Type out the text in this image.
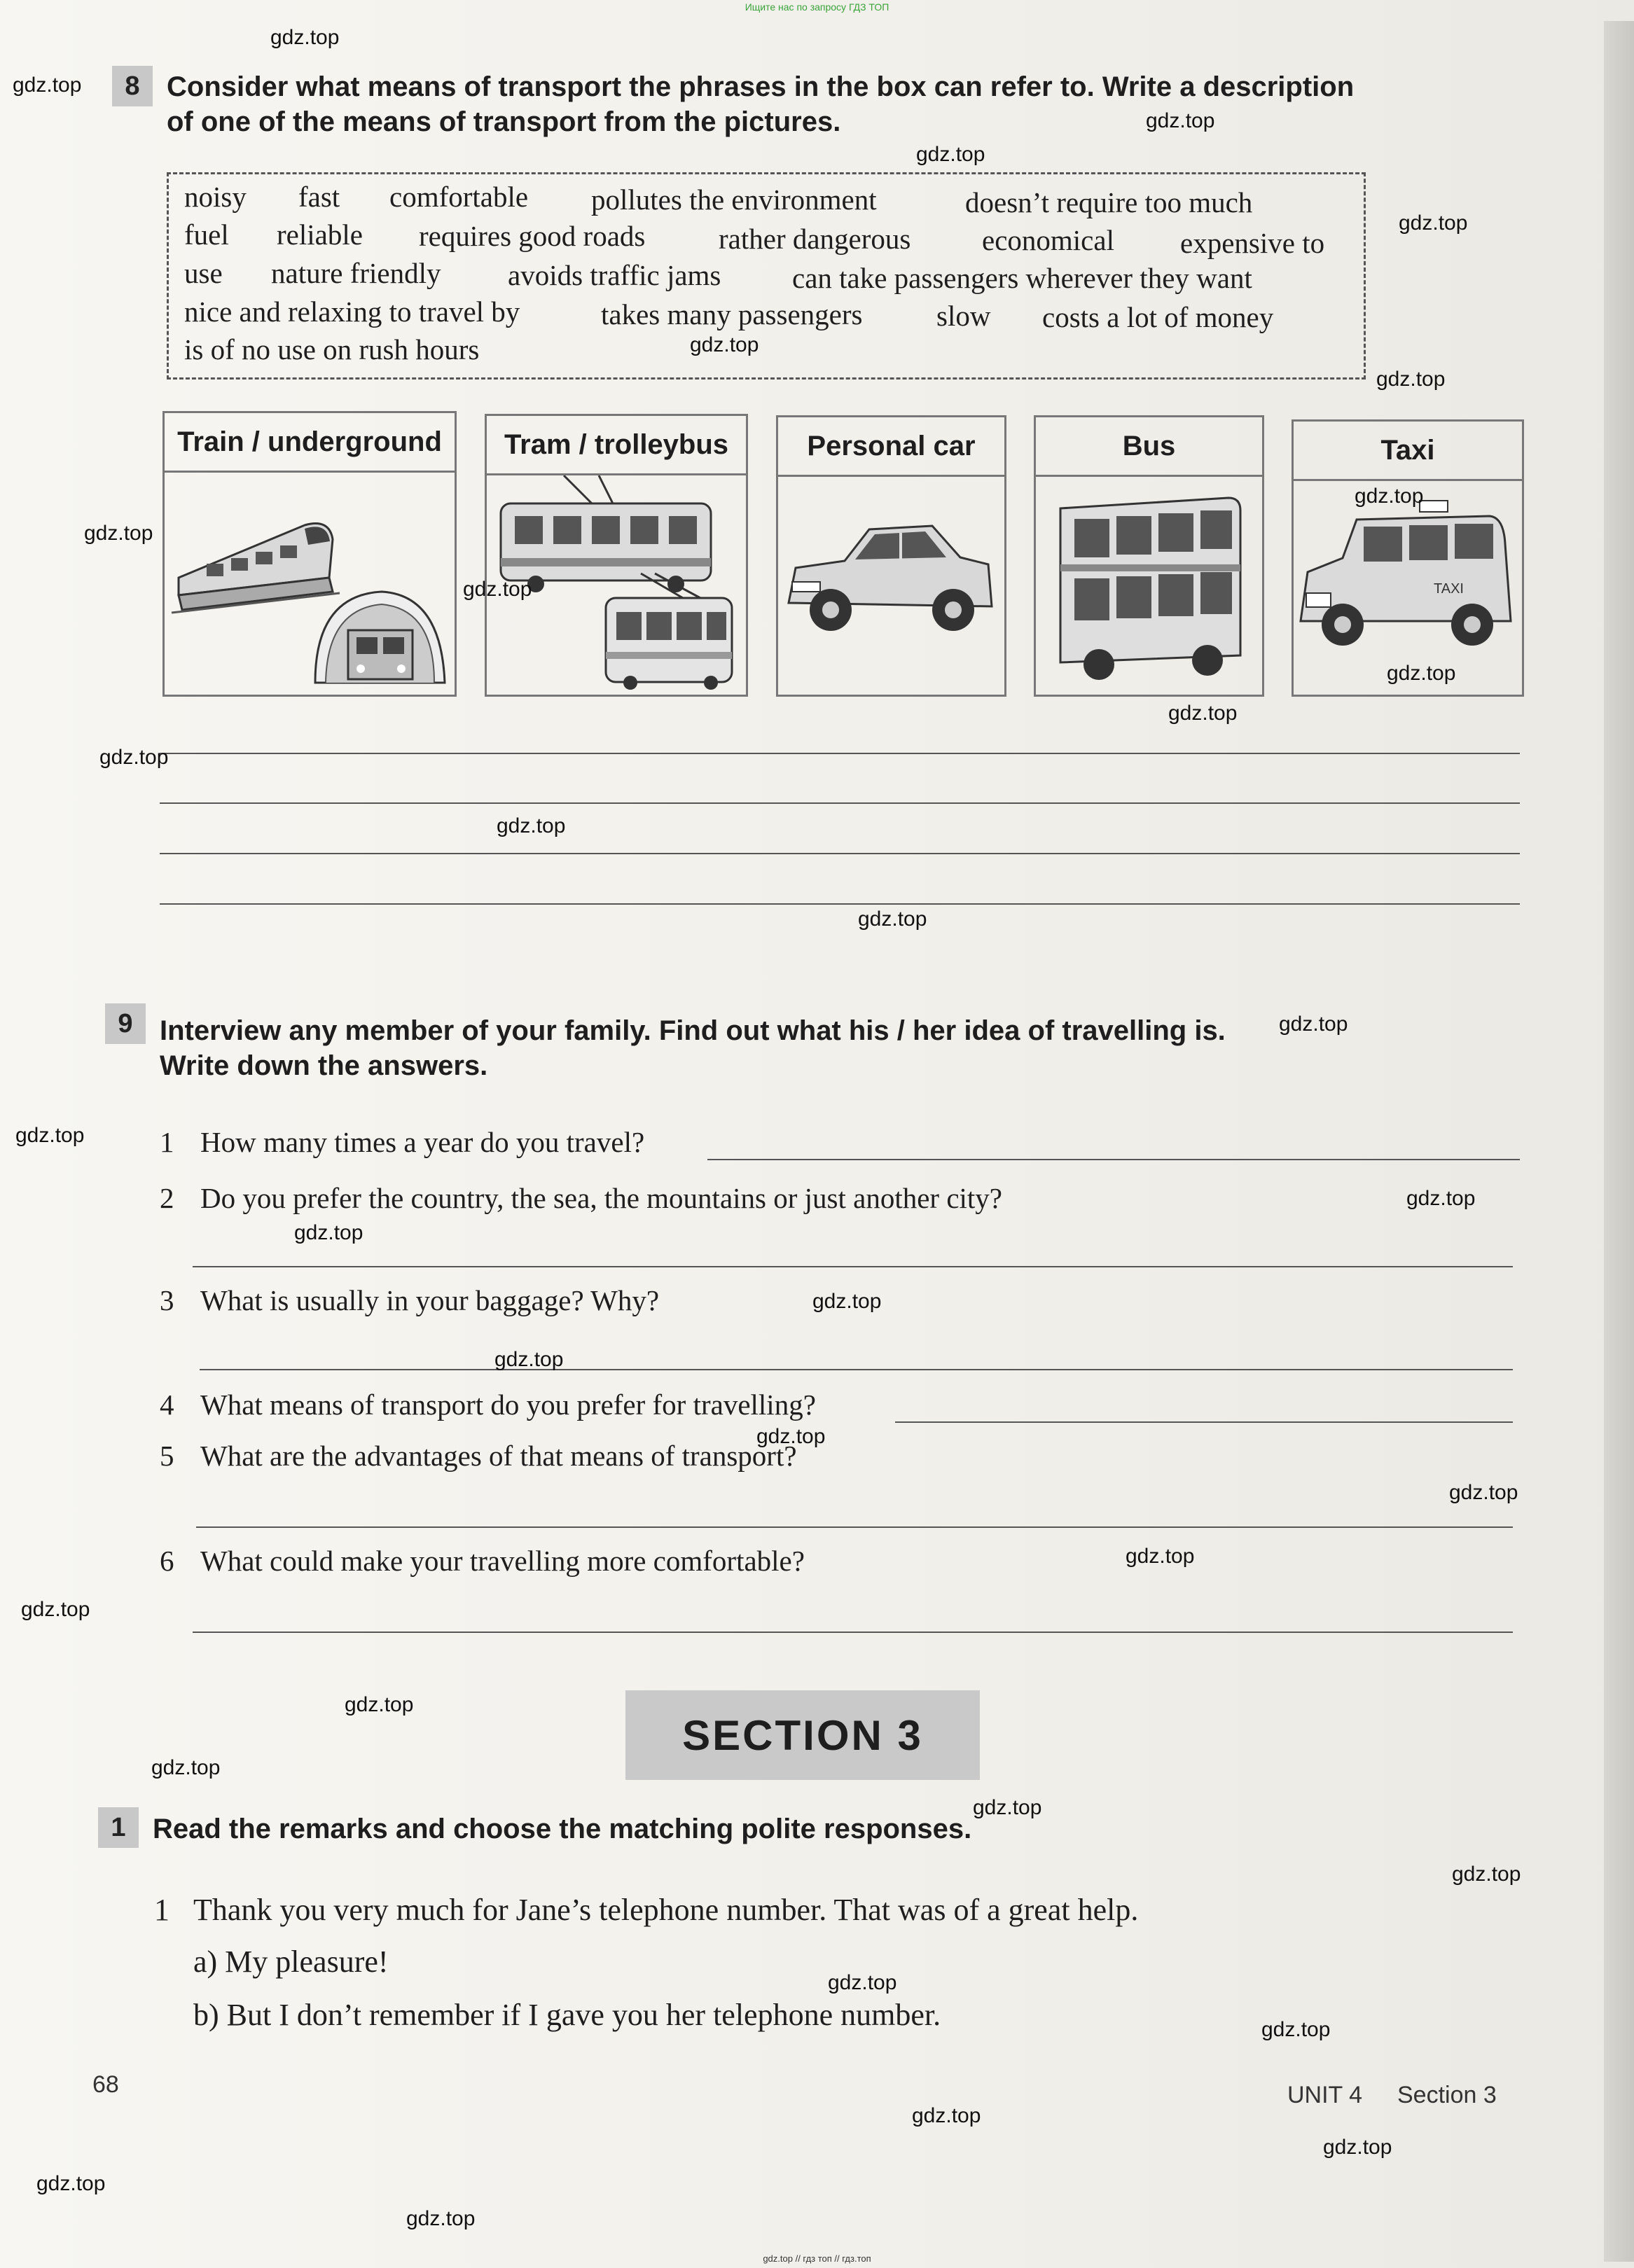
Ищите нас по запросу ГДЗ ТОП
8 Consider what means of transport the phrases in the box can refer to. Write a description
of one of the means of transport from the pictures.
noisy fast comfortable pollutes the environment	doesn’t require too much
fuel reliable requires good roads	rather dangerous economical expensive to
use nature friendly avoids traffic jams can take passengers wherever they want
nice and relaxing to travel by	takes many passengers	slow costs a lot of money
is of no use on rush hours
Train / underground	Tram / trolleybus	Personal car	Bus	Taxi
TAXI
9 Interview any member of your family. Find out what his / her idea of travelling is.
Write down the answers.
1 How many times a year do you travel?
2 Do you prefer the country, the sea, the mountains or just another city?
3 What is usually in your baggage? Why?
4 What means of transport do you prefer for travelling?
5 What are the advantages of that means of transport?
6 What could make your travelling more comfortable?
SECTION 3
1 Read the remarks and choose the matching polite responses.
1 Thank you very much for Jane’s telephone number. That was of a great help.
a) My pleasure!
b) But I don’t remember if I gave you her telephone number.
68	UNIT 4 Section 3
gdz.top // гдз топ // гдз.топ
gdz.top
gdz.top
gdz.top
gdz.top
gdz.top
gdz.top
gdz.top
gdz.top
gdz.top
gdz.top
gdz.top
gdz.top
gdz.top
gdz.top
gdz.top
gdz.top
gdz.top
gdz.top
gdz.top
gdz.top
gdz.top
gdz.top
gdz.top
gdz.top
gdz.top
gdz.top
gdz.top
gdz.top
gdz.top
gdz.top
gdz.top
gdz.top
gdz.top
gdz.top
gdz.top
